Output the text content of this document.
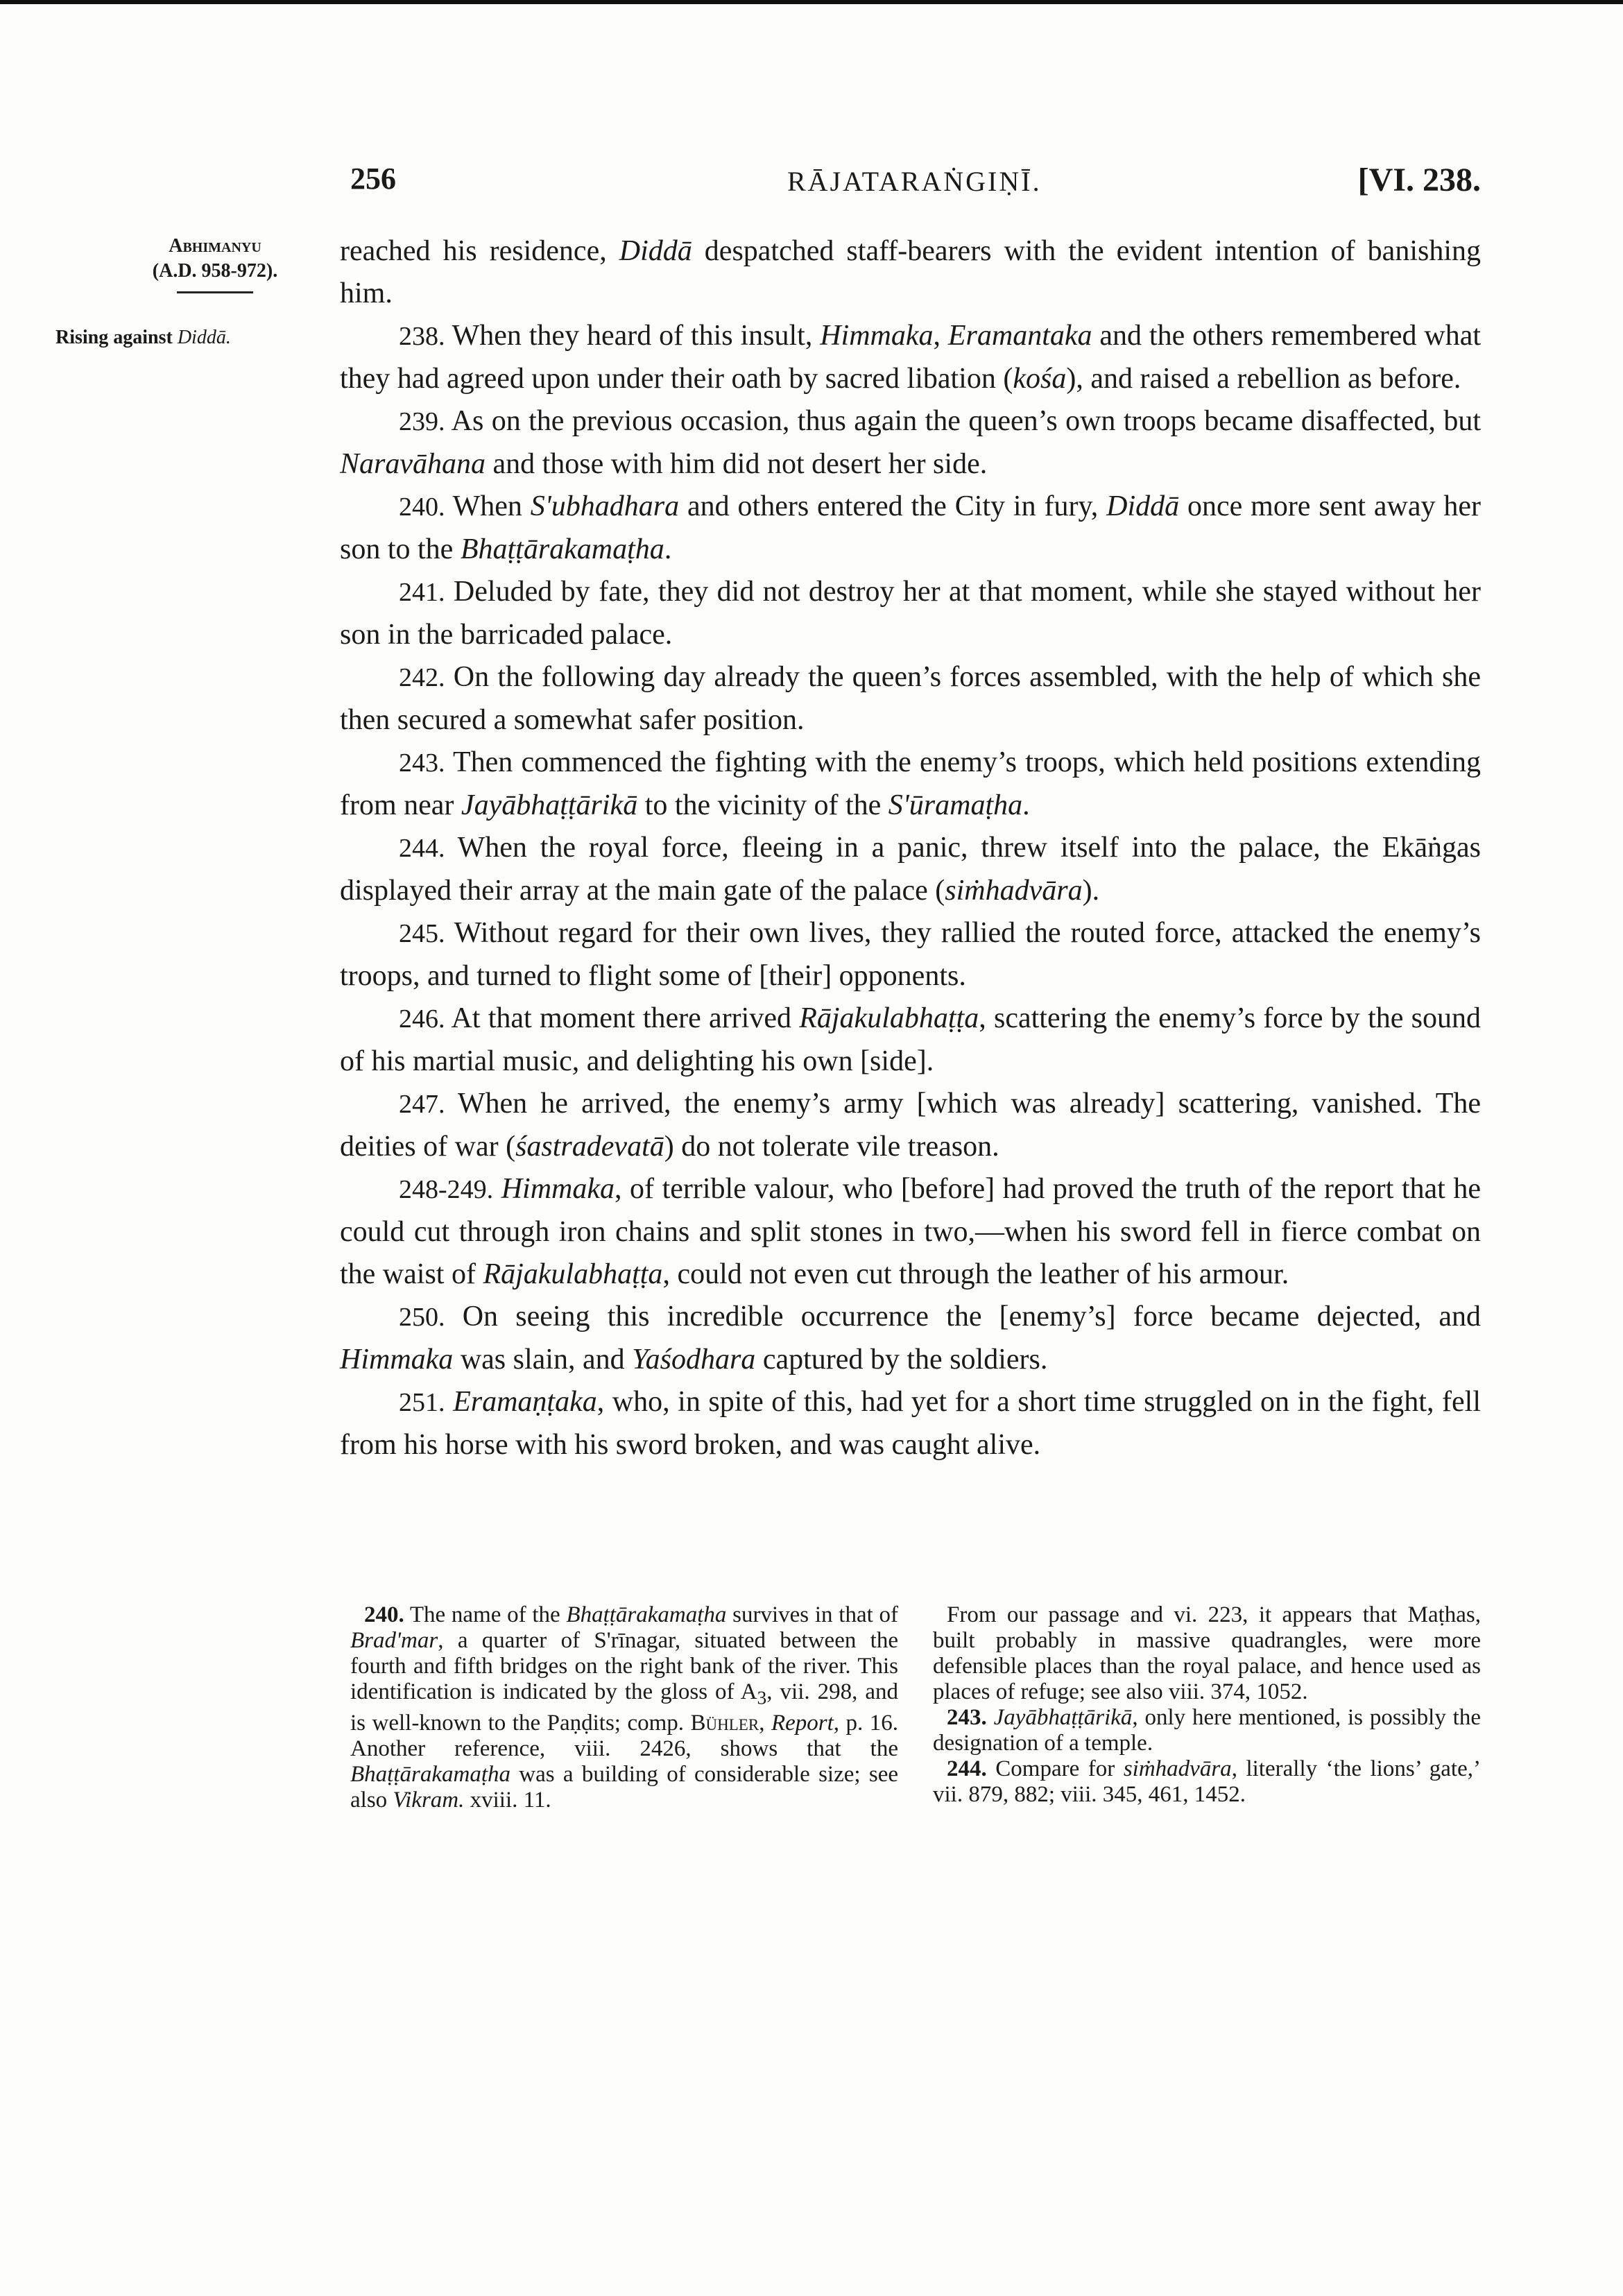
256	RĀJATARAṄGIṆĪ.	[VI. 238.
Abhimanyu
(A.D. 958-972).
Rising against Diddā.

reached his residence, Diddā despatched staff-bearers with the evident intention of banishing him.

238. When they heard of this insult, Himmaka, Eramantaka and the others remembered what they had agreed upon under their oath by sacred libation (kośa), and raised a rebellion as before.

239. As on the previous occasion, thus again the queen’s own troops became disaffected, but Naravāhana and those with him did not desert her side.

240. When S'ubhadhara and others entered the City in fury, Diddā once more sent away her son to the Bhaṭṭārakamaṭha.

241. Deluded by fate, they did not destroy her at that moment, while she stayed without her son in the barricaded palace.

242. On the following day already the queen’s forces assembled, with the help of which she then secured a somewhat safer position.

243. Then commenced the fighting with the enemy’s troops, which held positions extending from near Jayābhaṭṭārikā to the vicinity of the S'ūramaṭha.

244. When the royal force, fleeing in a panic, threw itself into the palace, the Ekāṅgas displayed their array at the main gate of the palace (siṁhadvāra).

245. Without regard for their own lives, they rallied the routed force, attacked the enemy’s troops, and turned to flight some of [their] opponents.

246. At that moment there arrived Rājakulabhaṭṭa, scattering the enemy’s force by the sound of his martial music, and delighting his own [side].

247. When he arrived, the enemy’s army [which was already] scattering, vanished. The deities of war (śastradevatā) do not tolerate vile treason.

248-249. Himmaka, of terrible valour, who [before] had proved the truth of the report that he could cut through iron chains and split stones in two,—when his sword fell in fierce combat on the waist of Rājakulabhaṭṭa, could not even cut through the leather of his armour.

250. On seeing this incredible occurrence the [enemy’s] force became dejected, and Himmaka was slain, and Yaśodhara captured by the soldiers.

251. Eramaṇṭaka, who, in spite of this, had yet for a short time struggled on in the fight, fell from his horse with his sword broken, and was caught alive.

240. The name of the Bhaṭṭārakamaṭha survives in that of Brad'mar, a quarter of S'rīnagar, situated between the fourth and fifth bridges on the right bank of the river. This identification is indicated by the gloss of $A_3$, vii. 298, and is well-known to the Paṇḍits; comp. Bühler, Report, p. 16. Another reference, viii. 2426, shows that the Bhaṭṭārakamaṭha was a building of considerable size; see also Vikram. xviii. 11.

From our passage and vi. 223, it appears that Maṭhas, built probably in massive quadrangles, were more defensible places than the royal palace, and hence used as places of refuge; see also viii. 374, 1052.

243. Jayābhaṭṭārikā, only here mentioned, is possibly the designation of a temple.

244. Compare for siṁhadvāra, literally ‘the lions’ gate,’ vii. 879, 882; viii. 345, 461, 1452.
